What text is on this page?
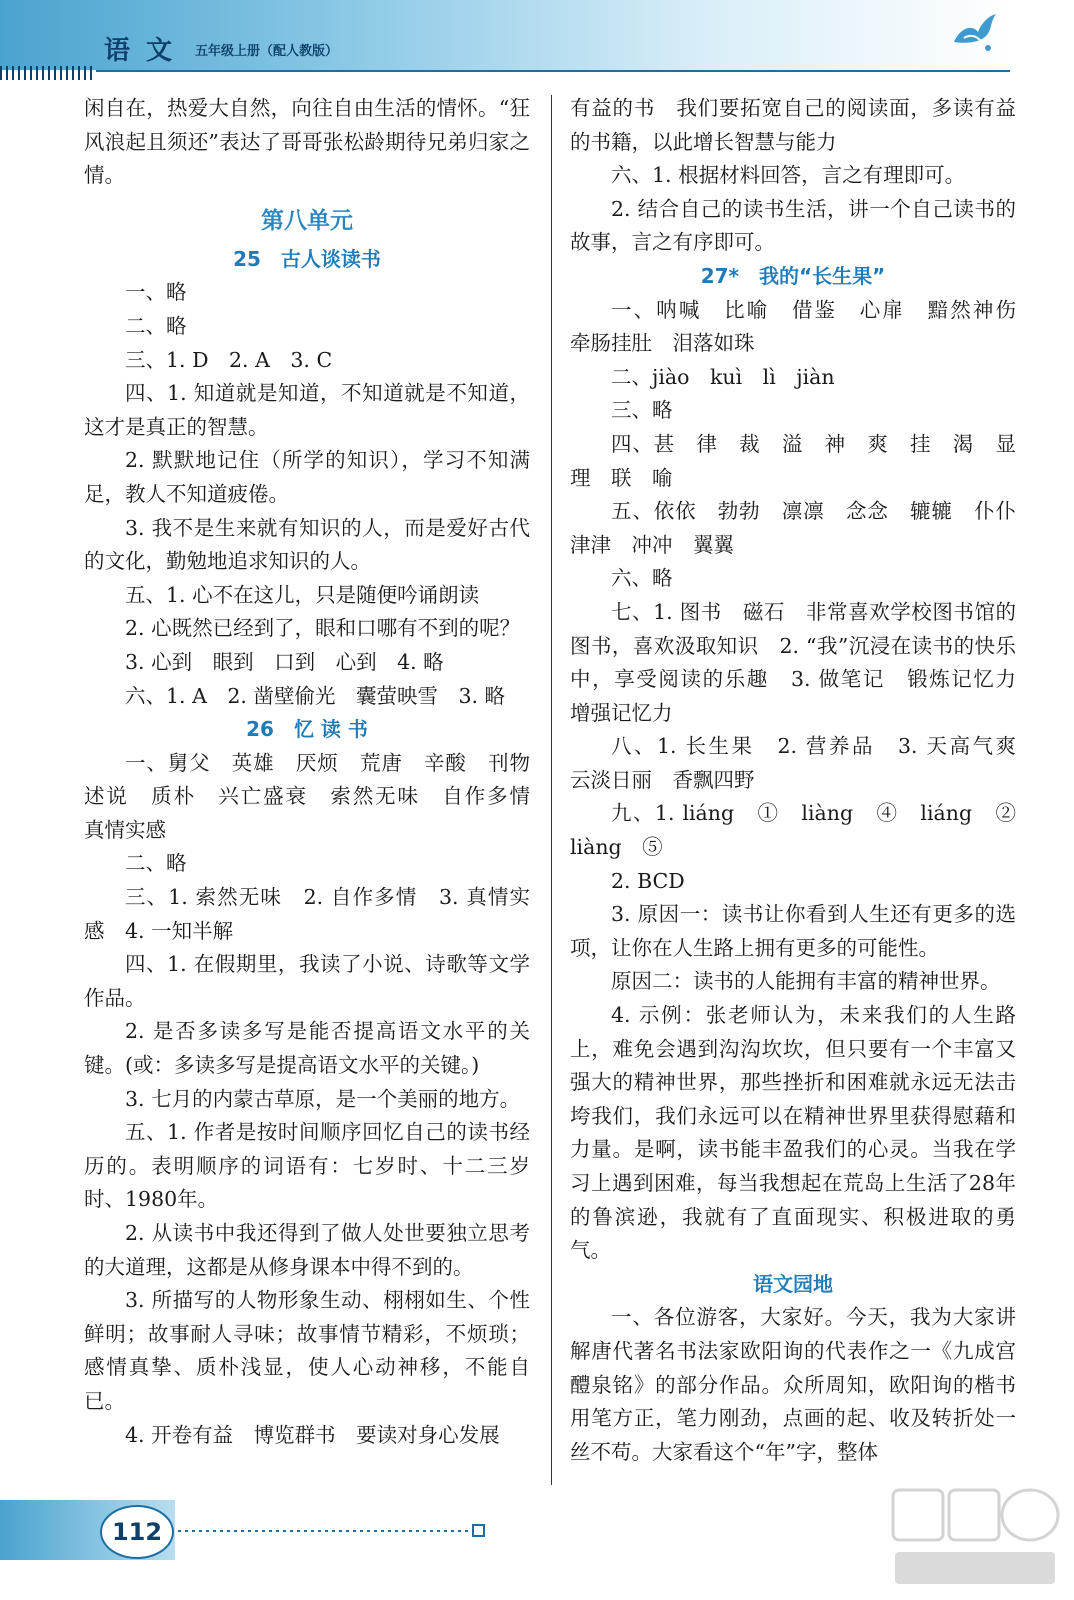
语文 五年级上册（配人教版）

闲自在，热爱大自然，向往自由生活的情怀。“狂风浪起且须还”表达了哥哥张松龄期待兄弟归家之情。

第八单元
25　古人谈读书

一、略

二、略

三、1. D　2. A　3. C

四、1. 知道就是知道，不知道就是不知道，这才是真正的智慧。

2. 默默地记住（所学的知识），学习不知满足，教人不知道疲倦。

3. 我不是生来就有知识的人，而是爱好古代的文化，勤勉地追求知识的人。

五、1. 心不在这儿，只是随便吟诵朗读

2. 心既然已经到了，眼和口哪有不到的呢？

3. 心到　眼到　口到　心到　4. 略

六、1. A　2. 凿壁偷光　囊萤映雪　3. 略

26　忆 读 书

一、舅父　英雄　厌烦　荒唐　辛酸　刊物　述说　质朴　兴亡盛衰　索然无味　自作多情　真情实感

二、略

三、1. 索然无味　2. 自作多情　3. 真情实感　4. 一知半解

四、1. 在假期里，我读了小说、诗歌等文学作品。

2. 是否多读多写是能否提高语文水平的关键。(或：多读多写是提高语文水平的关键。)

3. 七月的内蒙古草原，是一个美丽的地方。

五、1. 作者是按时间顺序回忆自己的读书经历的。表明顺序的词语有：七岁时、十二三岁时、1980年。

2. 从读书中我还得到了做人处世要独立思考的大道理，这都是从修身课本中得不到的。

3. 所描写的人物形象生动、栩栩如生、个性鲜明；故事耐人寻味；故事情节精彩，不烦琐；感情真挚、质朴浅显，使人心动神移，不能自已。

4. 开卷有益　博览群书　要读对身心发展

有益的书　我们要拓宽自己的阅读面，多读有益的书籍，以此增长智慧与能力

六、1. 根据材料回答，言之有理即可。

2. 结合自己的读书生活，讲一个自己读书的故事，言之有序即可。

27*　我的“长生果”

一、呐喊　比喻　借鉴　心扉　黯然神伤　牵肠挂肚　泪落如珠

二、jiào　kuì　lì　jiàn

三、略

四、甚　律　裁　溢　神　爽　挂　渴　显　理　联　喻

五、依依　勃勃　凛凛　念念　辘辘　仆仆　津津　冲冲　翼翼

六、略

七、1. 图书　磁石　非常喜欢学校图书馆的图书，喜欢汲取知识　2. “我”沉浸在读书的快乐中，享受阅读的乐趣　3. 做笔记　锻炼记忆力　增强记忆力

八、1. 长生果　2. 营养品　3. 天高气爽　云淡日丽　香飘四野

九、1. liáng　①　liàng　④　liáng　②　liàng　⑤

2. BCD

3. 原因一：读书让你看到人生还有更多的选项，让你在人生路上拥有更多的可能性。

原因二：读书的人能拥有丰富的精神世界。

4. 示例：张老师认为，未来我们的人生路上，难免会遇到沟沟坎坎，但只要有一个丰富又强大的精神世界，那些挫折和困难就永远无法击垮我们，我们永远可以在精神世界里获得慰藉和力量。是啊，读书能丰盈我们的心灵。当我在学习上遇到困难，每当我想起在荒岛上生活了28年的鲁滨逊，我就有了直面现实、积极进取的勇气。

语文园地

一、各位游客，大家好。今天，我为大家讲解唐代著名书法家欧阳询的代表作之一《九成宫醴泉铭》的部分作品。众所周知，欧阳询的楷书用笔方正，笔力刚劲，点画的起、收及转折处一丝不苟。大家看这个“年”字，整体

112
